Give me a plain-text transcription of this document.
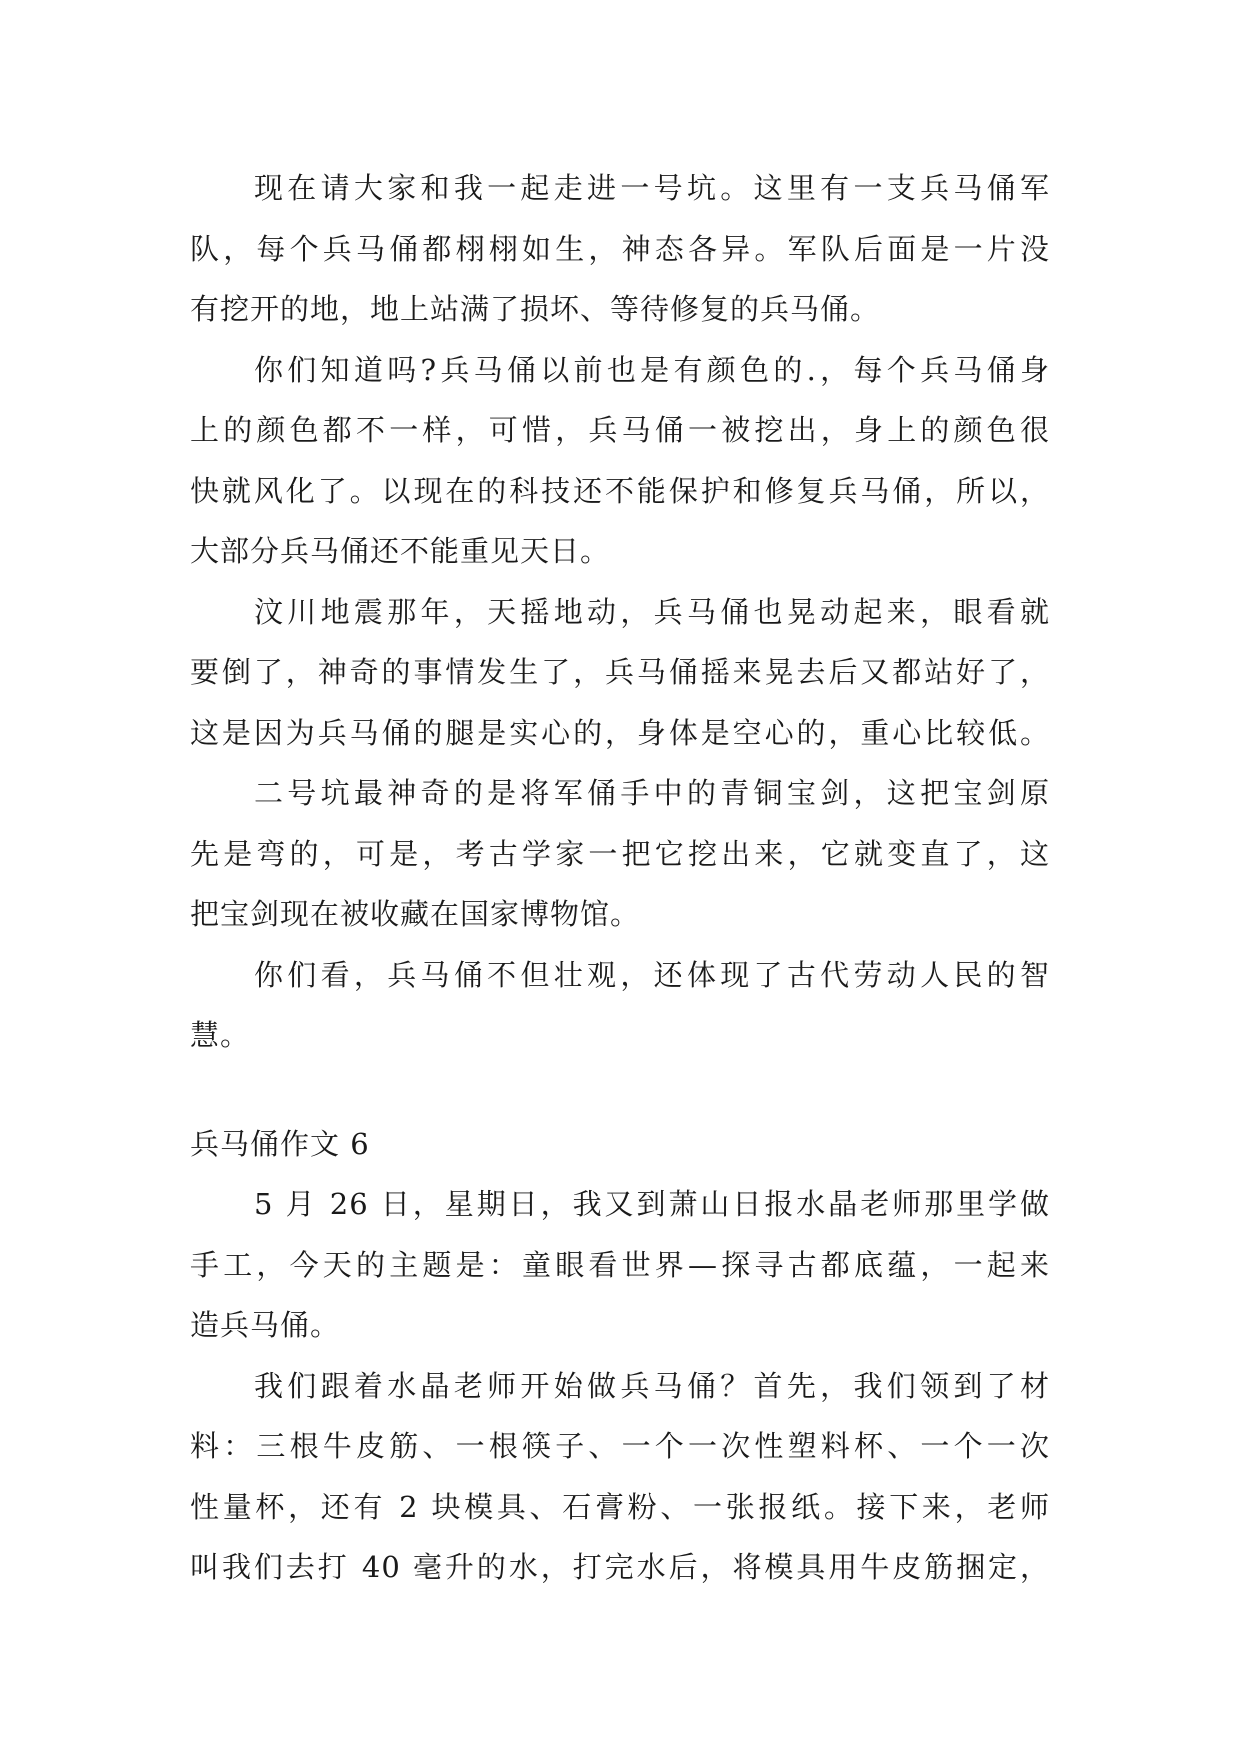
现在请大家和我一起走进一号坑。这里有一支兵马俑军
队，每个兵马俑都栩栩如生，神态各异。军队后面是一片没
有挖开的地，地上站满了损坏、等待修复的兵马俑。
你们知道吗?兵马俑以前也是有颜色的.，每个兵马俑身
上的颜色都不一样，可惜，兵马俑一被挖出，身上的颜色很
快就风化了。以现在的科技还不能保护和修复兵马俑，所以，
大部分兵马俑还不能重见天日。
汶川地震那年，天摇地动，兵马俑也晃动起来，眼看就
要倒了，神奇的事情发生了，兵马俑摇来晃去后又都站好了，
这是因为兵马俑的腿是实心的，身体是空心的，重心比较低。
二号坑最神奇的是将军俑手中的青铜宝剑，这把宝剑原
先是弯的，可是，考古学家一把它挖出来，它就变直了，这
把宝剑现在被收藏在国家博物馆。
你们看，兵马俑不但壮观，还体现了古代劳动人民的智
慧。
兵马俑作文 6
5 月 26 日，星期日，我又到萧山日报水晶老师那里学做
手工，今天的主题是：童眼看世界—探寻古都底蕴，一起来
造兵马俑。
我们跟着水晶老师开始做兵马俑？首先，我们领到了材
料：三根牛皮筋、一根筷子、一个一次性塑料杯、一个一次
性量杯，还有 2 块模具、石膏粉、一张报纸。接下来，老师
叫我们去打 40 毫升的水，打完水后，将模具用牛皮筋捆定，
